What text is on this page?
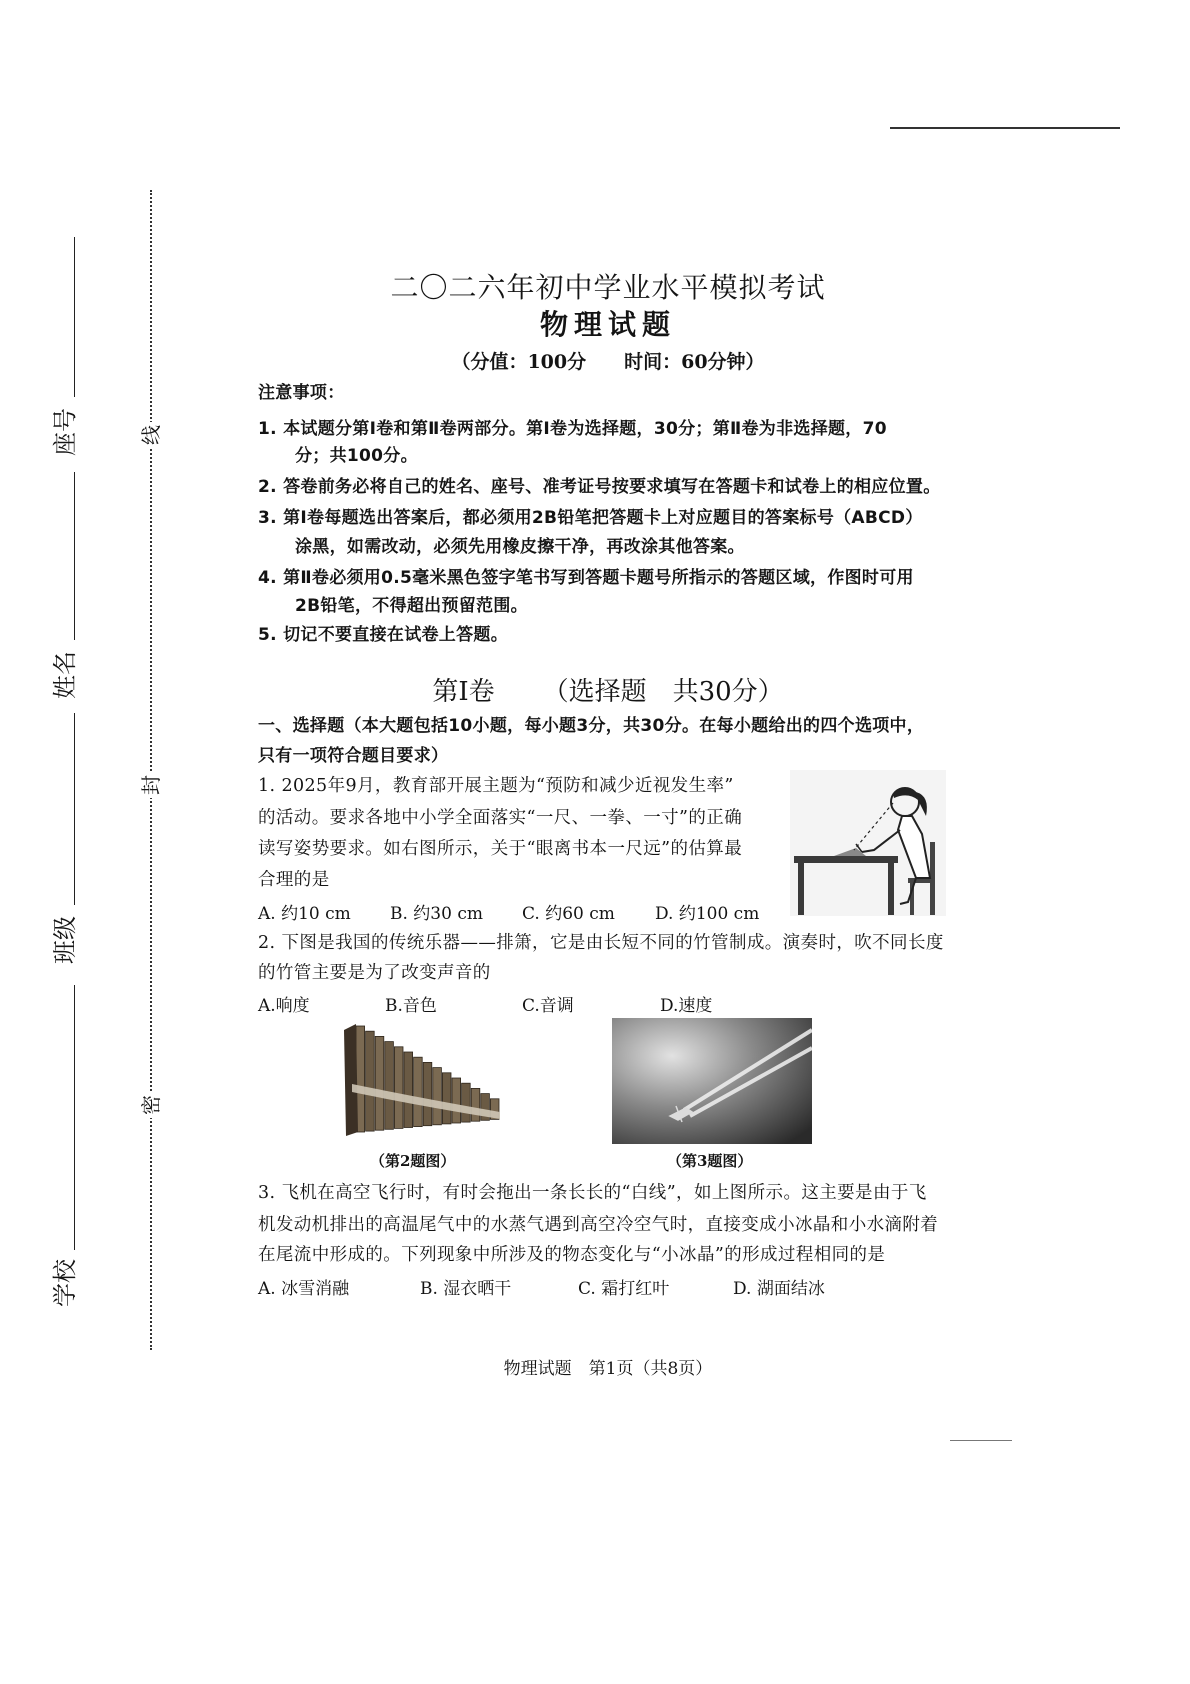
座号
姓名
班级
学校
线
封
密
二〇二六年初中学业水平模拟考试
物理试题
（分值：100分　　时间：60分钟）
注意事项：
1. 本试题分第Ⅰ卷和第Ⅱ卷两部分。第Ⅰ卷为选择题，30分；第Ⅱ卷为非选择题，70
分；共100分。
2. 答卷前务必将自己的姓名、座号、准考证号按要求填写在答题卡和试卷上的相应位置。
3. 第Ⅰ卷每题选出答案后，都必须用2B铅笔把答题卡上对应题目的答案标号（ABCD）
涂黑，如需改动，必须先用橡皮擦干净，再改涂其他答案。
4. 第Ⅱ卷必须用0.5毫米黑色签字笔书写到答题卡题号所指示的答题区域，作图时可用
2B铅笔，不得超出预留范围。
5. 切记不要直接在试卷上答题。
第Ⅰ卷 （选择题　共30分）
一、选择题（本大题包括10小题，每小题3分，共30分。在每小题给出的四个选项中，
只有一项符合题目要求）
1. 2025年9月，教育部开展主题为“预防和减少近视发生率”
的活动。要求各地中小学全面落实“一尺、一拳、一寸”的正确
读写姿势要求。如右图所示，关于“眼离书本一尺远”的估算最
合理的是
A. 约10 cm B. 约30 cm C. 约60 cm D. 约100 cm
2. 下图是我国的传统乐器——排箫，它是由长短不同的竹管制成。演奏时，吹不同长度
的竹管主要是为了改变声音的
A.响度	B.音色	C.音调	D.速度
（第2题图）	（第3题图）
3. 飞机在高空飞行时，有时会拖出一条长长的“白线”，如上图所示。这主要是由于飞
机发动机排出的高温尾气中的水蒸气遇到高空冷空气时，直接变成小冰晶和小水滴附着
在尾流中形成的。下列现象中所涉及的物态变化与“小冰晶”的形成过程相同的是
A. 冰雪消融	B. 湿衣晒干	C. 霜打红叶	D. 湖面结冰
物理试题　第1页（共8页）
